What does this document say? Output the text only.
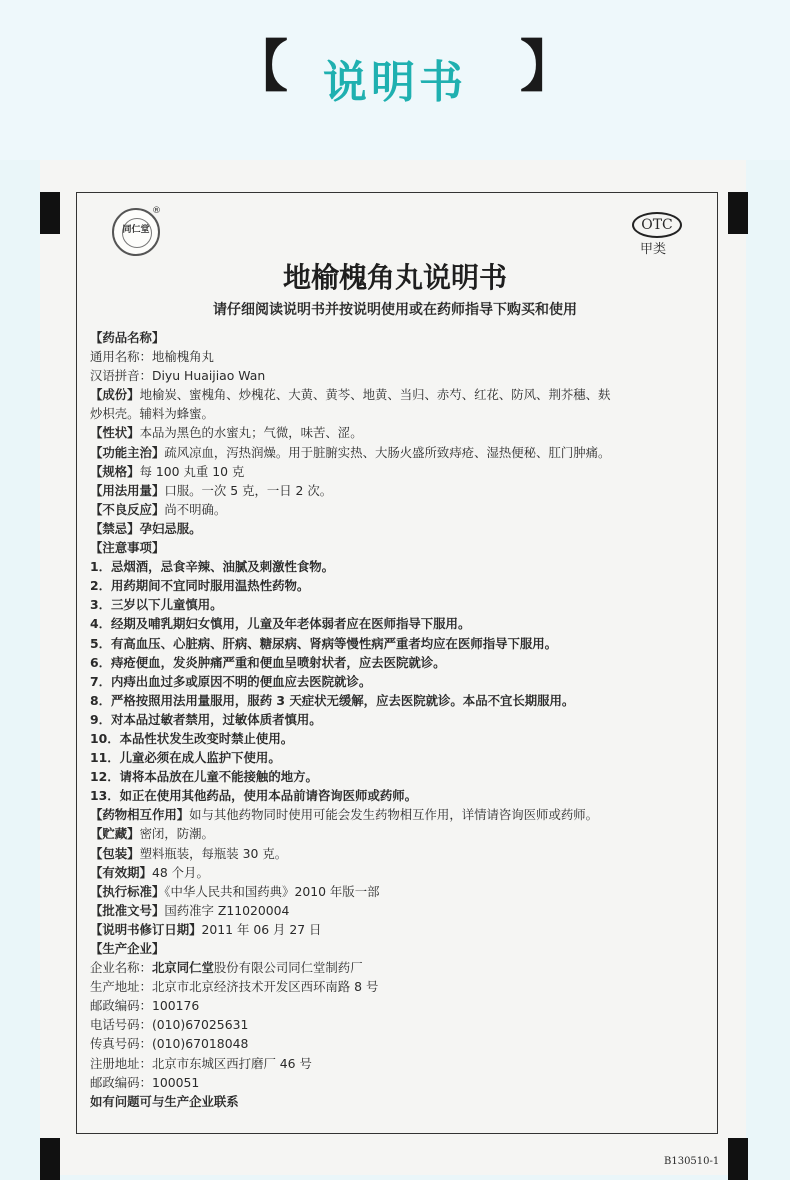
【 说明书 】
同仁堂
®
OTC
甲类
地榆槐角丸说明书
请仔细阅读说明书并按说明使用或在药师指导下购买和使用
【药品名称】
通用名称：地榆槐角丸
汉语拼音：Diyu Huaijiao Wan
【成份】地榆炭、蜜槐角、炒槐花、大黄、黄芩、地黄、当归、赤芍、红花、防风、荆芥穗、麸
炒枳壳。辅料为蜂蜜。
【性状】本品为黑色的水蜜丸；气微，味苦、涩。
【功能主治】疏风凉血，泻热润燥。用于脏腑实热、大肠火盛所致痔疮、湿热便秘、肛门肿痛。
【规格】每 100 丸重 10 克
【用法用量】口服。一次 5 克，一日 2 次。
【不良反应】尚不明确。
【禁忌】孕妇忌服。
【注意事项】
1．忌烟酒，忌食辛辣、油腻及刺激性食物。
2．用药期间不宜同时服用温热性药物。
3．三岁以下儿童慎用。
4．经期及哺乳期妇女慎用，儿童及年老体弱者应在医师指导下服用。
5．有高血压、心脏病、肝病、糖尿病、肾病等慢性病严重者均应在医师指导下服用。
6．痔疮便血，发炎肿痛严重和便血呈喷射状者，应去医院就诊。
7．内痔出血过多或原因不明的便血应去医院就诊。
8．严格按照用法用量服用，服药 3 天症状无缓解，应去医院就诊。本品不宜长期服用。
9．对本品过敏者禁用，过敏体质者慎用。
10．本品性状发生改变时禁止使用。
11．儿童必须在成人监护下使用。
12．请将本品放在儿童不能接触的地方。
13．如正在使用其他药品，使用本品前请咨询医师或药师。
【药物相互作用】如与其他药物同时使用可能会发生药物相互作用，详情请咨询医师或药师。
【贮藏】密闭，防潮。
【包装】塑料瓶装，每瓶装 30 克。
【有效期】48 个月。
【执行标准】《中华人民共和国药典》2010 年版一部
【批准文号】国药准字 Z11020004
【说明书修订日期】2011 年 06 月 27 日
【生产企业】
企业名称：北京同仁堂股份有限公司同仁堂制药厂
生产地址：北京市北京经济技术开发区西环南路 8 号
邮政编码：100176
电话号码：(010)67025631
传真号码：(010)67018048
注册地址：北京市东城区西打磨厂 46 号
邮政编码：100051
如有问题可与生产企业联系
B130510-1
